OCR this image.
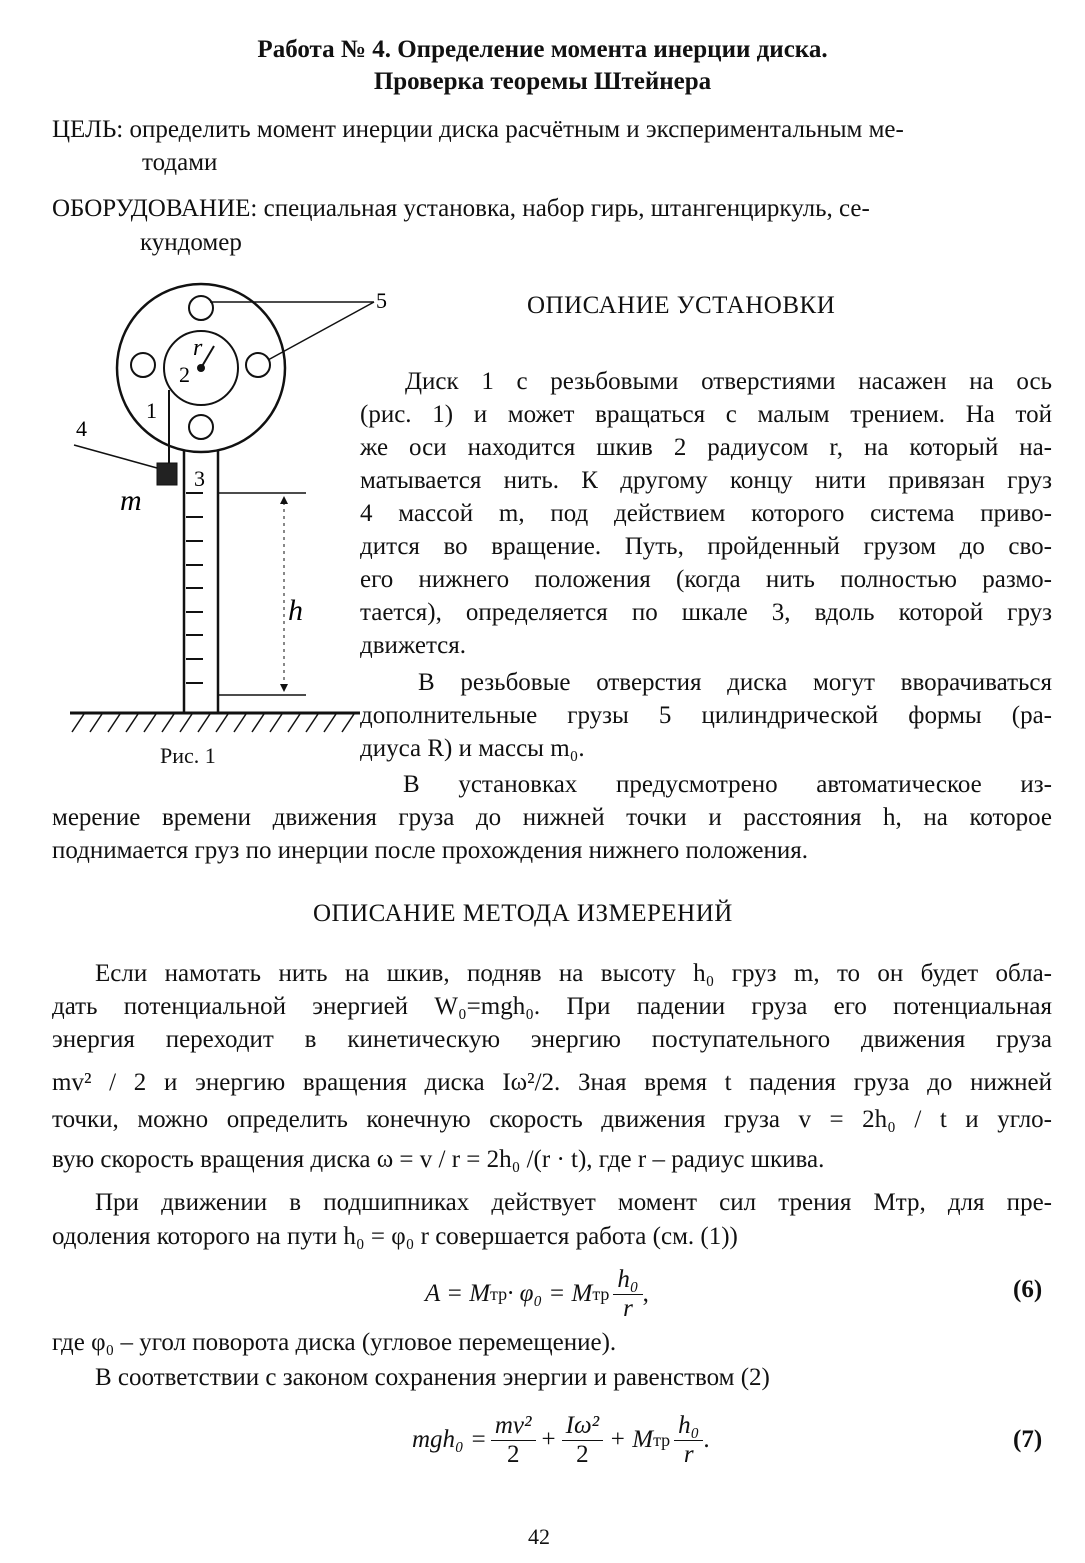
Работа № 4. Определение момента инерции диска.
Проверка теоремы Штейнера
ЦЕЛЬ: определить момент инерции диска расчётным и экспериментальным ме-
тодами
ОБОРУДОВАНИЕ: специальная установка, набор гирь, штангенциркуль, се-
кундомер
5
2
r
1
4
3
m
h
Рис. 1
ОПИСАНИЕ УСТАНОВКИ
Диск 1 с резьбовыми отверстиями насажен на ось
(рис. 1) и может вращаться с малым трением. На той
же оси находится шкив 2 радиусом r, на который на-
матывается нить. К другому концу нити привязан груз
4 массой m, под действием которого система приво-
дится во вращение. Путь, пройденный грузом до сво-
его нижнего положения (когда нить полностью размо-
тается), определяется по шкале 3, вдоль которой груз
движется.
В резьбовые отверстия диска могут вворачиваться
дополнительные грузы 5 цилиндрической формы (ра-
диуса R) и массы m₀.
В установках предусмотрено автоматическое из-
мерение времени движения груза до нижней точки и расстояния h, на которое
поднимается груз по инерции после прохождения нижнего положения.
ОПИСАНИЕ МЕТОДА ИЗМЕРЕНИЙ
Если намотать нить на шкив, подняв на высоту h₀ груз m, то он будет обла-
дать потенциальной энергией W₀=mgh₀. При падении груза его потенциальная
энергия переходит в кинетическую энергию поступательного движения груза
mv² / 2 и энергию вращения диска Iω²/2. Зная время t падения груза до нижней
точки, можно определить конечную скорость движения груза v = 2h₀ / t и угло-
вую скорость вращения диска ω = v / r = 2h₀ /(r · t), где r – радиус шкива.
При движении в подшипниках действует момент сил трения Mтр, для пре-
одоления которого на пути h₀ = φ₀ r совершается работа (см. (1))
A = M тр · φ₀ = M тр $\frac{\text{h₀}}{r}$ ,	(6)
где φ₀ – угол поворота диска (угловое перемещение).
В соответствии с законом сохранения энергии и равенством (2)
$mgh_0 = \frac{\text{mv²}}{2} + \frac{\text{Iω²}}{2} + M$ тр $\frac{\text{h₀}}{r}$ .	(7)
42
